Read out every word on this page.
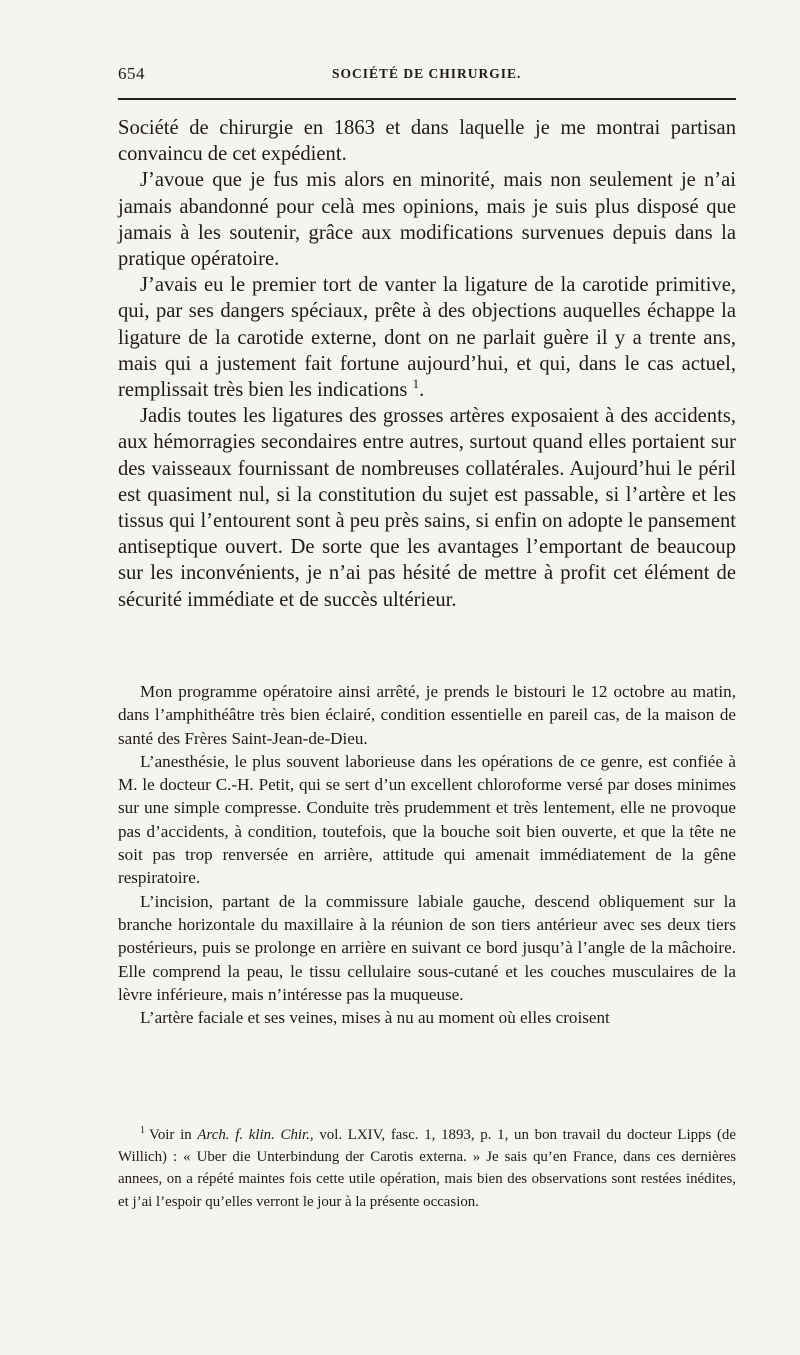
654	SOCIÉTÉ DE CHIRURGIE.

Société de chirurgie en 1863 et dans laquelle je me montrai partisan convaincu de cet expédient.

J’avoue que je fus mis alors en minorité, mais non seulement je n’ai jamais abandonné pour celà mes opinions, mais je suis plus disposé que jamais à les soutenir, grâce aux modifications survenues depuis dans la pratique opératoire.

J’avais eu le premier tort de vanter la ligature de la carotide primitive, qui, par ses dangers spéciaux, prête à des objections auquelles échappe la ligature de la carotide externe, dont on ne parlait guère il y a trente ans, mais qui a justement fait fortune aujourd’hui, et qui, dans le cas actuel, remplissait très bien les indications $^1$.

Jadis toutes les ligatures des grosses artères exposaient à des accidents, aux hémorragies secondaires entre autres, surtout quand elles portaient sur des vaisseaux fournissant de nombreuses collatérales. Aujourd’hui le péril est quasiment nul, si la constitution du sujet est passable, si l’artère et les tissus qui l’entourent sont à peu près sains, si enfin on adopte le pansement antiseptique ouvert. De sorte que les avantages l’emportant de beaucoup sur les inconvénients, je n’ai pas hésité de mettre à profit cet élément de sécurité immédiate et de succès ultérieur.

Mon programme opératoire ainsi arrêté, je prends le bistouri le 12 octobre au matin, dans l’amphithéâtre très bien éclairé, condition essentielle en pareil cas, de la maison de santé des Frères Saint-Jean-de-Dieu.

L’anesthésie, le plus souvent laborieuse dans les opérations de ce genre, est confiée à M. le docteur C.-H. Petit, qui se sert d’un excellent chloroforme versé par doses minimes sur une simple compresse. Conduite très prudemment et très lentement, elle ne provoque pas d’accidents, à condition, toutefois, que la bouche soit bien ouverte, et que la tête ne soit pas trop renversée en arrière, attitude qui amenait immédiatement de la gêne respiratoire.

L’incision, partant de la commissure labiale gauche, descend obliquement sur la branche horizontale du maxillaire à la réunion de son tiers antérieur avec ses deux tiers postérieurs, puis se prolonge en arrière en suivant ce bord jusqu’à l’angle de la mâchoire. Elle comprend la peau, le tissu cellulaire sous-cutané et les couches musculaires de la lèvre inférieure, mais n’intéresse pas la muqueuse.

L’artère faciale et ses veines, mises à nu au moment où elles croisent

$^1$ Voir in Arch. f. klin. Chir., vol. LXIV, fasc. 1, 1893, p. 1, un bon travail du docteur Lipps (de Willich) : « Uber die Unterbindung der Carotis externa. » Je sais qu’en France, dans ces dernières annees, on a répété maintes fois cette utile opération, mais bien des observations sont restées inédites, et j’ai l’espoir qu’elles verront le jour à la présente occasion.
